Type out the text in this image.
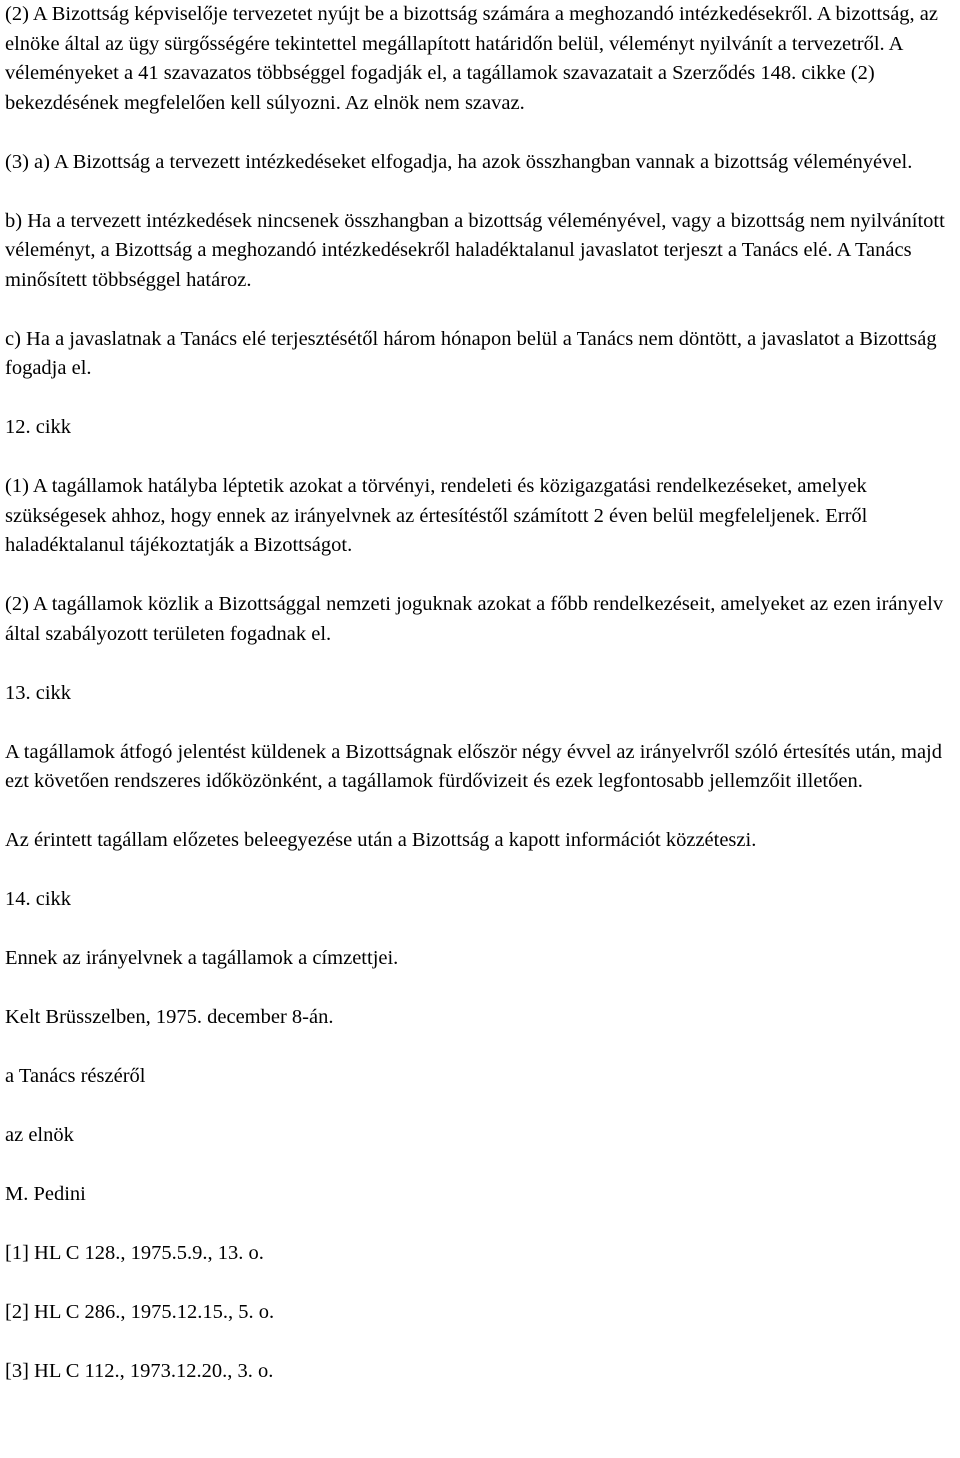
(2) A Bizottság képviselője tervezetet nyújt be a bizottság számára a meghozandó intézkedésekről. A bizottság, az elnöke által az ügy sürgősségére tekintettel megállapított határidőn belül, véleményt nyilvánít a tervezetről. A véleményeket a 41 szavazatos többséggel fogadják el, a tagállamok szavazatait a Szerződés 148. cikke (2) bekezdésének megfelelően kell súlyozni. Az elnök nem szavaz.

(3) a) A Bizottság a tervezett intézkedéseket elfogadja, ha azok összhangban vannak a bizottság véleményével.

b) Ha a tervezett intézkedések nincsenek összhangban a bizottság véleményével, vagy a bizottság nem nyilvánított véleményt, a Bizottság a meghozandó intézkedésekről haladéktalanul javaslatot terjeszt a Tanács elé. A Tanács minősített többséggel határoz.

c) Ha a javaslatnak a Tanács elé terjesztésétől három hónapon belül a Tanács nem döntött, a javaslatot a Bizottság fogadja el.

12. cikk

(1) A tagállamok hatályba léptetik azokat a törvényi, rendeleti és közigazgatási rendelkezéseket, amelyek szükségesek ahhoz, hogy ennek az irányelvnek az értesítéstől számított 2 éven belül megfeleljenek. Erről haladéktalanul tájékoztatják a Bizottságot.

(2) A tagállamok közlik a Bizottsággal nemzeti joguknak azokat a főbb rendelkezéseit, amelyeket az ezen irányelv által szabályozott területen fogadnak el.

13. cikk

A tagállamok átfogó jelentést küldenek a Bizottságnak először négy évvel az irányelvről szóló értesítés után, majd ezt követően rendszeres időközönként, a tagállamok fürdővizeit és ezek legfontosabb jellemzőit illetően.

Az érintett tagállam előzetes beleegyezése után a Bizottság a kapott információt közzéteszi.

14. cikk

Ennek az irányelvnek a tagállamok a címzettjei.

Kelt Brüsszelben, 1975. december 8-án.

a Tanács részéről

az elnök

M. Pedini

[1] HL C 128., 1975.5.9., 13. o.

[2] HL C 286., 1975.12.15., 5. o.

[3] HL C 112., 1973.12.20., 3. o.
